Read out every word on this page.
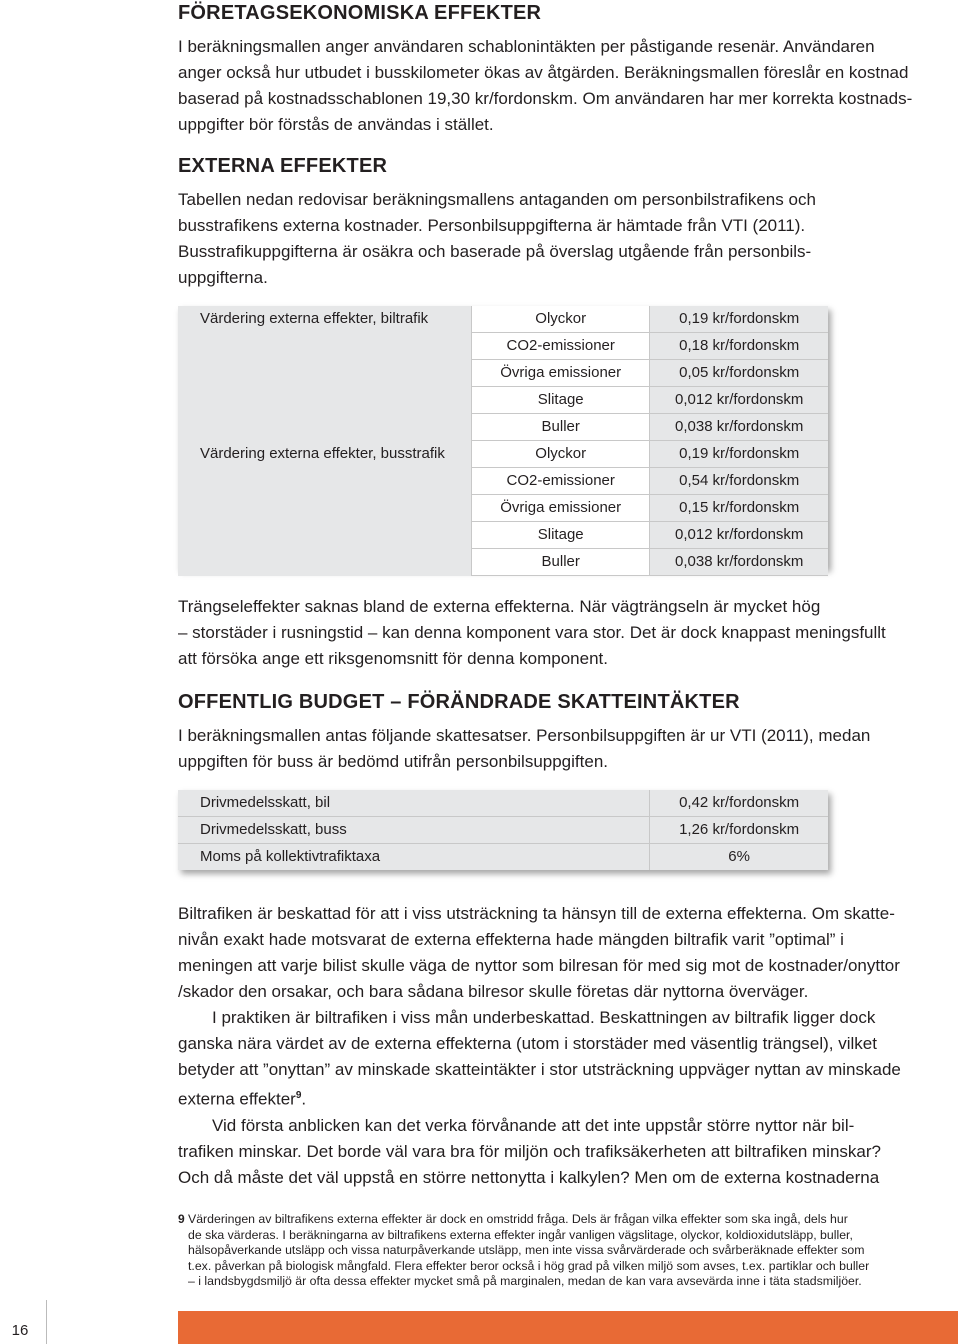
FÖRETAGSEKONOMISKA EFFEKTER

I beräkningsmallen anger användaren schablonintäkten per påstigande resenär. Användaren

anger också hur utbudet i busskilometer ökas av åtgärden. Beräkningsmallen föreslår en kostnad

baserad på kostnadsschablonen 19,30 kr/fordonskm. Om användaren har mer korrekta kostnads-

uppgifter bör förstås de användas i stället.

EXTERNA EFFEKTER

Tabellen nedan redovisar beräkningsmallens antaganden om personbilstrafikens och

busstrafikens externa kostnader. Personbilsuppgifterna är hämtade från VTI (2011).

Busstrafikuppgifterna är osäkra och baserade på överslag utgående från personbils-

uppgifterna.

Värdering externa effekter, biltrafik	Olyckor	0,19 kr/fordonskm
	CO2-emissioner	0,18 kr/fordonskm
	Övriga emissioner	0,05 kr/fordonskm
	Slitage	0,012 kr/fordonskm
	Buller	0,038 kr/fordonskm
Värdering externa effekter, busstrafik	Olyckor	0,19 kr/fordonskm
	CO2-emissioner	0,54 kr/fordonskm
	Övriga emissioner	0,15 kr/fordonskm
	Slitage	0,012 kr/fordonskm
	Buller	0,038 kr/fordonskm

Trängseleffekter saknas bland de externa effekterna. När vägträngseln är mycket hög

– storstäder i rusningstid – kan denna komponent vara stor. Det är dock knappast meningsfullt

att försöka ange ett riksgenomsnitt för denna komponent.

OFFENTLIG BUDGET – FÖRÄNDRADE SKATTEINTÄKTER

I beräkningsmallen antas följande skattesatser. Personbilsuppgiften är ur VTI (2011), medan

uppgiften för buss är bedömd utifrån personbilsuppgiften.

Drivmedelsskatt, bil	0,42 kr/fordonskm
Drivmedelsskatt, buss	1,26 kr/fordonskm
Moms på kollektivtrafiktaxa	6%

Biltrafiken är beskattad för att i viss utsträckning ta hänsyn till de externa effekterna. Om skatte-

nivån exakt hade motsvarat de externa effekterna hade mängden biltrafik varit ”optimal” i

meningen att varje bilist skulle väga de nyttor som bilresan för med sig mot de kostnader/onyttor

/skador den orsakar, och bara sådana bilresor skulle företas där nyttorna överväger.

I praktiken är biltrafiken i viss mån underbeskattad. Beskattningen av biltrafik ligger dock

ganska nära värdet av de externa effekterna (utom i storstäder med väsentlig trängsel), vilket

betyder att ”onyttan” av minskade skatteintäkter i stor utsträckning uppväger nyttan av minskade

externa effekter$^9$.

Vid första anblicken kan det verka förvånande att det inte uppstår större nyttor när bil-

trafiken minskar. Det borde väl vara bra för miljön och trafiksäkerheten att biltrafiken minskar?

Och då måste det väl uppstå en större nettonytta i kalkylen? Men om de externa kostnaderna

9 Värderingen av biltrafikens externa effekter är dock en omstridd fråga. Dels är frågan vilka effekter som ska ingå, dels hur
de ska värderas. I beräkningarna av biltrafikens externa effekter ingår vanligen vägslitage, olyckor, koldioxidutsläpp, buller,
hälsopåverkande utsläpp och vissa naturpåverkande utsläpp, men inte vissa svårvärderade och svårberäknade effekter som
t.ex. påverkan på biologisk mångfald. Flera effekter beror också i hög grad på vilken miljö som avses, t.ex. partiklar och buller
– i landsbygdsmiljö är ofta dessa effekter mycket små på marginalen, medan de kan vara avsevärda inne i täta stadsmiljöer.
16
